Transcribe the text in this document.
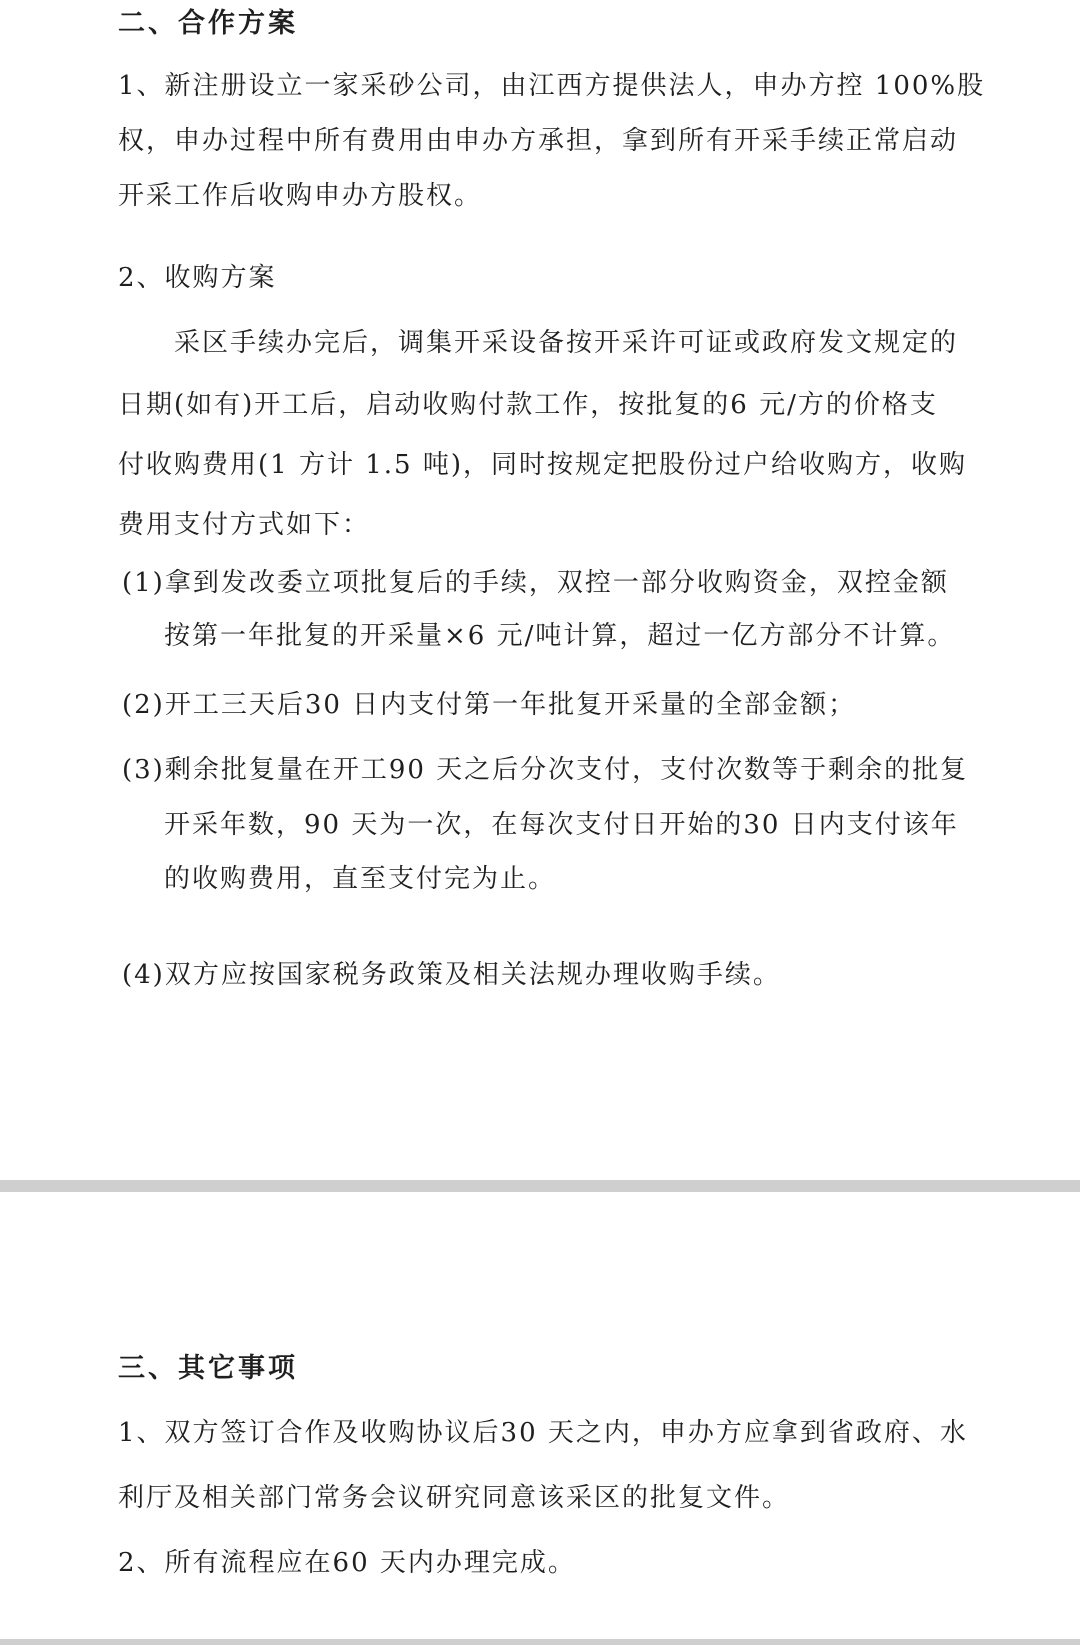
二、合作方案

1、新注册设立一家采砂公司，由江西方提供法人，申办方控 100%股

权，申办过程中所有费用由申办方承担，拿到所有开采手续正常启动

开采工作后收购申办方股权。

2、收购方案

采区手续办完后，调集开采设备按开采许可证或政府发文规定的

日期(如有)开工后，启动收购付款工作，按批复的6 元/方的价格支

付收购费用(1 方计 1.5 吨)，同时按规定把股份过户给收购方，收购

费用支付方式如下：

(1)拿到发改委立项批复后的手续，双控一部分收购资金，双控金额

按第一年批复的开采量×6 元/吨计算，超过一亿方部分不计算。

(2)开工三天后30 日内支付第一年批复开采量的全部金额；

(3)剩余批复量在开工90 天之后分次支付，支付次数等于剩余的批复

开采年数，90 天为一次，在每次支付日开始的30 日内支付该年

的收购费用，直至支付完为止。

(4)双方应按国家税务政策及相关法规办理收购手续。

三、其它事项

1、双方签订合作及收购协议后30 天之内，申办方应拿到省政府、水

利厅及相关部门常务会议研究同意该采区的批复文件。

2、所有流程应在60 天内办理完成。
